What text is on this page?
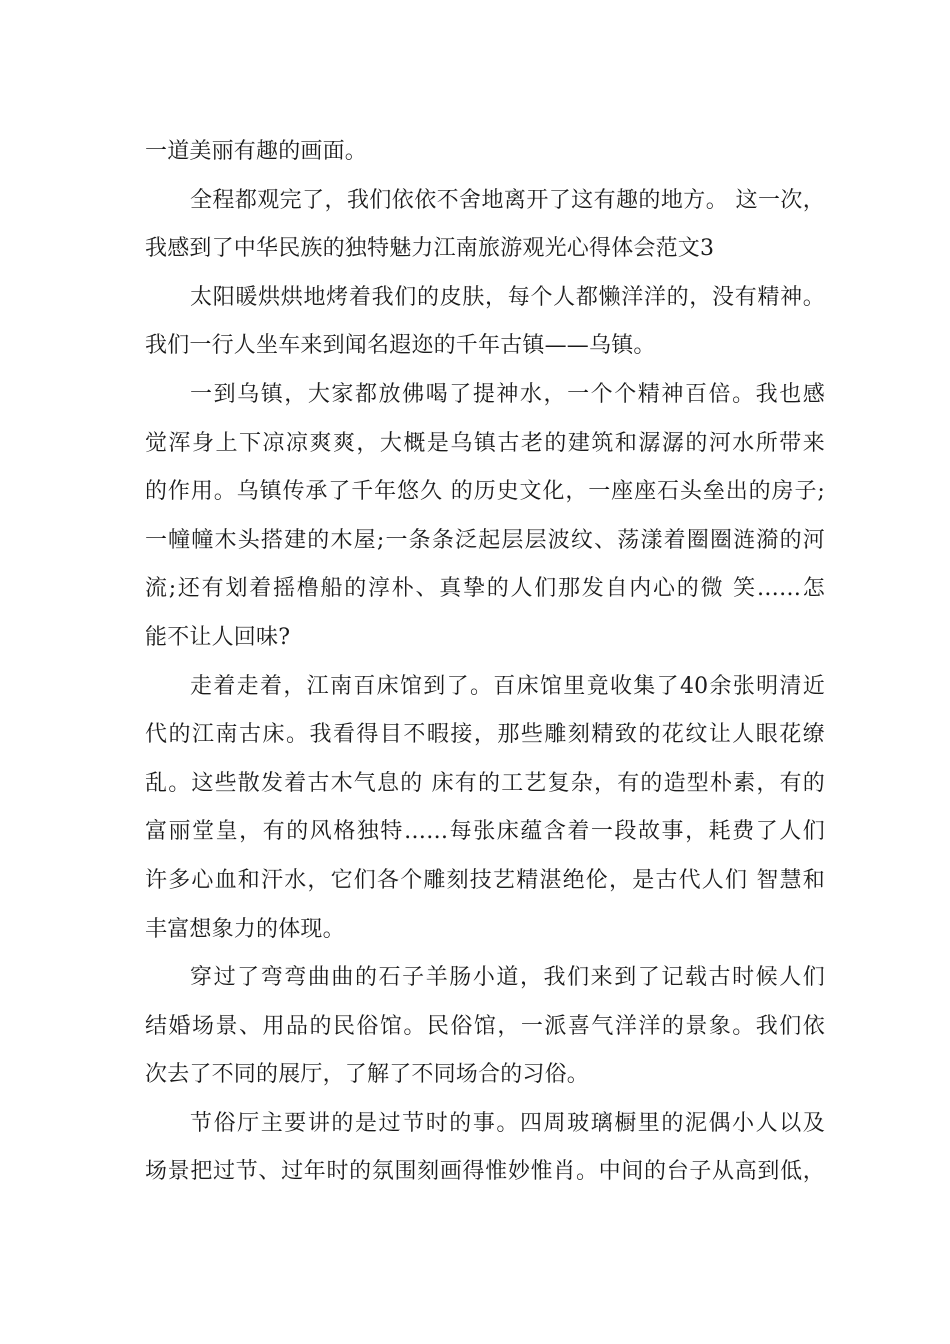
一道美丽有趣的画面。
全程都观完了，我们依依不舍地离开了这有趣的地方。 这一次，
我感到了中华民族的独特魅力江南旅游观光心得体会范文3
太阳暖烘烘地烤着我们的皮肤，每个人都懒洋洋的，没有精神。
我们一行人坐车来到闻名遐迩的千年古镇——乌镇。
一到乌镇，大家都放佛喝了提神水，一个个精神百倍。我也感
觉浑身上下凉凉爽爽，大概是乌镇古老的建筑和潺潺的河水所带来
的作用。乌镇传承了千年悠久 的历史文化，一座座石头垒出的房子;
一幢幢木头搭建的木屋;一条条泛起层层波纹、荡漾着圈圈涟漪的河
流;还有划着摇橹船的淳朴、真挚的人们那发自内心的微 笑……怎
能不让人回味?
走着走着，江南百床馆到了。百床馆里竟收集了40余张明清近
代的江南古床。我看得目不暇接，那些雕刻精致的花纹让人眼花缭
乱。这些散发着古木气息的 床有的工艺复杂，有的造型朴素，有的
富丽堂皇，有的风格独特……每张床蕴含着一段故事，耗费了人们
许多心血和汗水，它们各个雕刻技艺精湛绝伦，是古代人们 智慧和
丰富想象力的体现。
穿过了弯弯曲曲的石子羊肠小道，我们来到了记载古时候人们
结婚场景、用品的民俗馆。民俗馆，一派喜气洋洋的景象。我们依
次去了不同的展厅，了解了不同场合的习俗。
节俗厅主要讲的是过节时的事。四周玻璃橱里的泥偶小人以及
场景把过节、过年时的氛围刻画得惟妙惟肖。中间的台子从高到低，
